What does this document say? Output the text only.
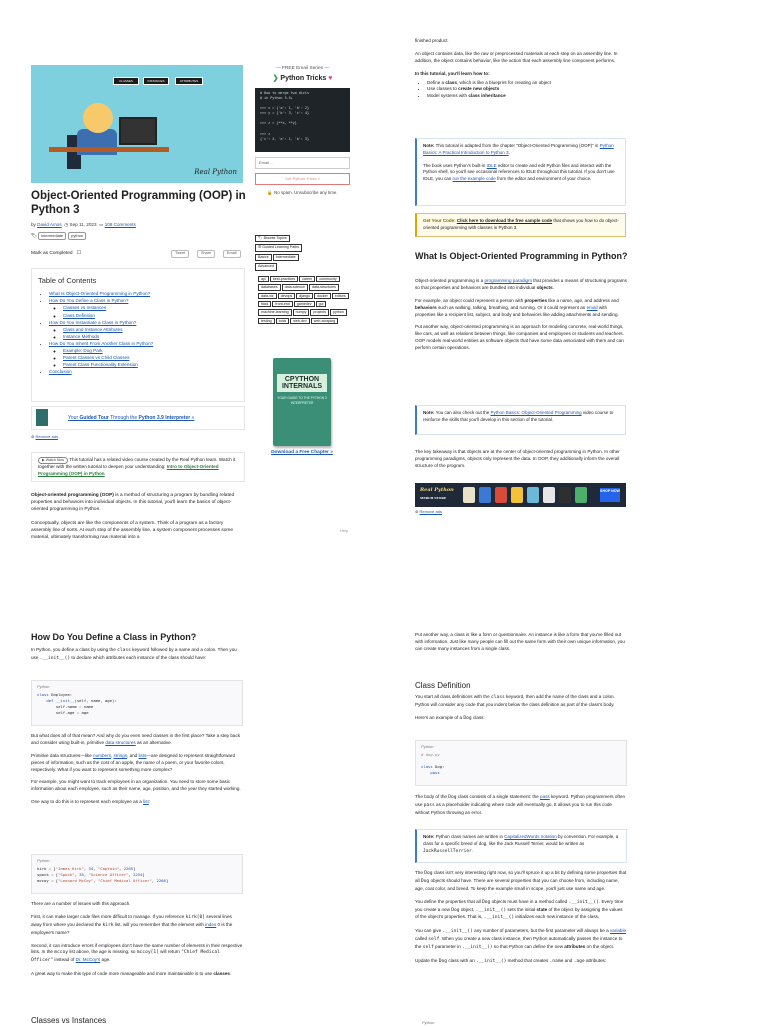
CLASSES	INSTANCES	ATTRIBUTES
Real Python
Object-Oriented Programming (OOP) in Python 3
by David Amos ◷ Sep 11, 2023 ▭ 108 Comments
🏷 intermediate python
Mark as Completed ☐	Tweet	Share	Email
Table of Contents
• What Is Object-Oriented Programming in Python?
• How Do You Define a Class in Python?
◦ Classes vs Instances
◦ Class Definition
• How Do You Instantiate a Class in Python?
◦ Class and Instance Attributes
◦ Instance Methods
• How Do You Inherit From Another Class in Python?
◦ Example: Dog Park
◦ Parent Classes vs Child Classes
◦ Parent Class Functionality Extension
• Conclusion
Your Guided Tour Through the Python 3.9 Interpreter »
⊘ Remove ads
▶ Watch Now This tutorial has a related video course created by the Real Python team. Watch it together with the written tutorial to deepen your understanding: Intro to Object-Oriented Programming (OOP) in Python

Object-oriented programming (OOP) is a method of structuring a program by bundling related properties and behaviors into individual objects. In this tutorial, you'll learn the basics of object-oriented programming in Python.

Conceptually, objects are like the components of a system. Think of a program as a factory assembly line of sorts. At each step of the assembly line, a system component processes some material, ultimately transforming raw material into a

— FREE Email Series —
❯ Python Tricks ♥
# How to merge two dicts
# in Python 3.5+

>>> x = {'a': 1, 'b': 2}
>>> y = {'b': 3, 'c': 4}

>>> z = {**x, **y}

>>> z
{'c': 4, 'a': 1, 'b': 3}
Email…
Get Python Tricks »
🔒 No spam. Unsubscribe any time.
🏷 Browse Topics
☰ Guided Learning Paths
Basics Intermediate
Advanced
api best-practices career communitydatabases data-science data-structuresdata-viz devops django docker editorsflask front-end gamedev guimachine-learning numpy projects pythontesting tools web-dev web-scraping
CPYTHON INTERNALS
YOUR GUIDE TO THE PYTHON 3 INTERPRETER
Download a Free Chapter »
Help

finished product.

An object contains data, like the raw or preprocessed materials at each step on an assembly line. In addition, the object contains behavior, like the action that each assembly line component performs.

In this tutorial, you'll learn how to:

• Define a class, which is like a blueprint for creating an object
• Use classes to create new objects
• Model systems with class inheritance

Note: This tutorial is adapted from the chapter "Object-Oriented Programming (OOP)" in Python Basics: A Practical Introduction to Python 3.

The book uses Python's built-in IDLE editor to create and edit Python files and interact with the Python shell, so you'll see occasional references to IDLE throughout this tutorial. If you don't use IDLE, you can run the example code from the editor and environment of your choice.

Get Your Code: Click here to download the free sample code that shows you how to do object-oriented programming with classes in Python 3.
What Is Object-Oriented Programming in Python?

Object-oriented programming is a programming paradigm that provides a means of structuring programs so that properties and behaviors are bundled into individual objects.

For example, an object could represent a person with properties like a name, age, and address and behaviors such as walking, talking, breathing, and running. Or it could represent an email with properties like a recipient list, subject, and body and behaviors like adding attachments and sending.

Put another way, object-oriented programming is an approach for modeling concrete, real-world things, like cars, as well as relations between things, like companies and employees or students and teachers. OOP models real-world entities as software objects that have some data associated with them and can perform certain operations.

Note: You can also check out the Python Basics: Object-Oriented Programming video course to reinforce the skills that you'll develop in this section of the tutorial.
The key takeaway is that objects are at the center of object-oriented programming in Python. In other programming paradigms, objects only represent the data. In OOP, they additionally inform the overall structure of the program.
Real Python
MERCH STORE
SHOP NOW
⊘ Remove ads
How Do You Define a Class in Python?
In Python, you define a class by using the class keyword followed by a name and a colon. Then you use .__init__() to declare which attributes each instance of the class should have:
Python
class Employee:
def __init__(self, name, age):
self.name = name
self.age = age

But what does all of that mean? And why do you even need classes in the first place? Take a step back and consider using built-in, primitive data structures as an alternative.

Primitive data structures—like numbers, strings, and lists—are designed to represent straightforward pieces of information, such as the cost of an apple, the name of a poem, or your favorite colors, respectively. What if you want to represent something more complex?

For example, you might want to track employees in an organization. You need to store some basic information about each employee, such as their name, age, position, and the year they started working.

One way to do this is to represent each employee as a list:

Python
kirk = ["James Kirk", 34, "Captain", 2265]
spock = ["Spock", 35, "Science Officer", 2254]
mccoy = ["Leonard McCoy", "Chief Medical Officer", 2266]

There are a number of issues with this approach.

First, it can make larger code files more difficult to manage. If you reference kirk[0] several lines away from where you declared the kirk list, will you remember that the element with index 0 is the employee's name?

Second, it can introduce errors if employees don't have the same number of elements in their respective lists. In the mccoy list above, the age is missing, so mccoy[1] will return "Chief Medical Officer" instead of Dr. McCoy's age.

A great way to make this type of code more manageable and more maintainable is to use classes.

Classes vs Instances
Put another way, a class is like a form or questionnaire. An instance is like a form that you've filled out with information. Just like many people can fill out the same form with their own unique information, you can create many instances from a single class.
Class Definition

You start all class definitions with the class keyword, then add the name of the class and a colon. Python will consider any code that you indent below the class definition as part of the class's body.

Here's an example of a Dog class:

Python
# dog.py

class Dog:
pass
The body of the Dog class consists of a single statement: the pass keyword. Python programmers often use pass as a placeholder indicating where code will eventually go. It allows you to run this code without Python throwing an error.
Note: Python class names are written in CapitalizedWords notation by convention. For example, a class for a specific breed of dog, like the Jack Russell Terrier, would be written as JackRussellTerrier.

The Dog class isn't very interesting right now, so you'll spruce it up a bit by defining some properties that all Dog objects should have. There are several properties that you can choose from, including name, age, coat color, and breed. To keep the example small in scope, you'll just use name and age.

You define the properties that all Dog objects must have in a method called .__init__(). Every time you create a new Dog object, .__init__() sets the initial state of the object by assigning the values of the object's properties. That is, .__init__() initializes each new instance of the class.

You can give .__init__() any number of parameters, but the first parameter will always be a variable called self. When you create a new class instance, then Python automatically passes the instance to the self parameter in .__init__() so that Python can define the new attributes on the object.

Update the Dog class with an .__init__() method that creates .name and .age attributes:

Python
